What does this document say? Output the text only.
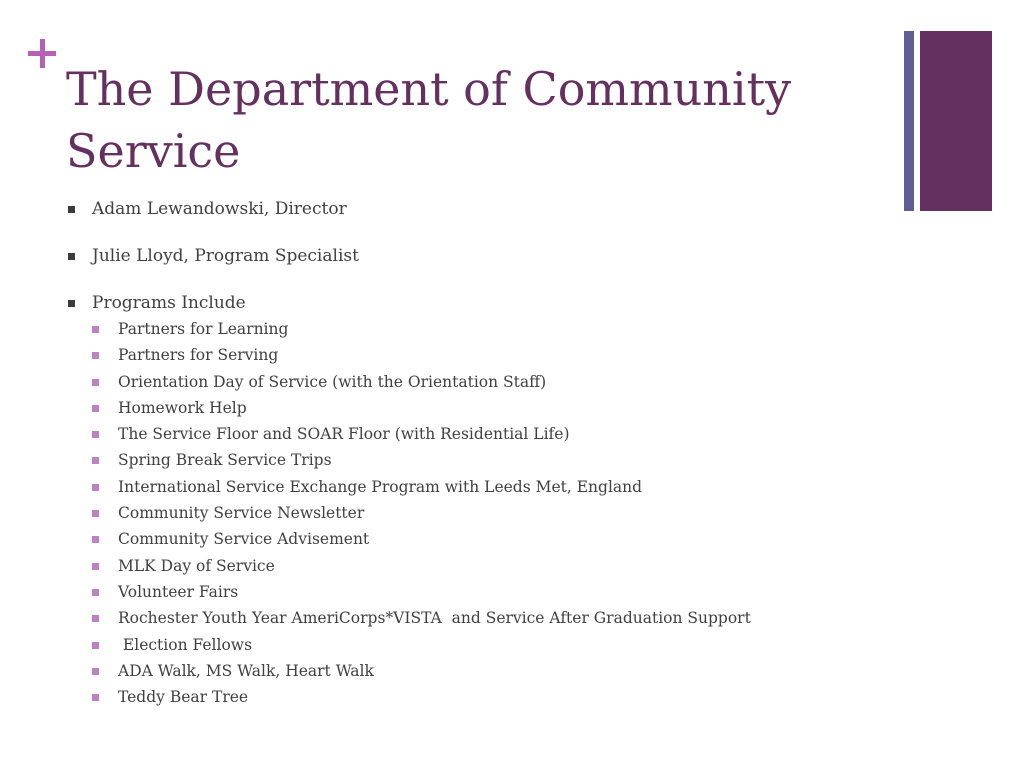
The Department of Community Service
Adam Lewandowski, Director
Julie Lloyd, Program Specialist
Programs Include
Partners for Learning
Partners for Serving
Orientation Day of Service (with the Orientation Staff)
Homework Help
The Service Floor and SOAR Floor (with Residential Life)
Spring Break Service Trips
International Service Exchange Program with Leeds Met, England
Community Service Newsletter
Community Service Advisement
MLK Day of Service
Volunteer Fairs
Rochester Youth Year AmeriCorps*VISTA  and Service After Graduation Support
Election Fellows
ADA Walk, MS Walk, Heart Walk
Teddy Bear Tree
